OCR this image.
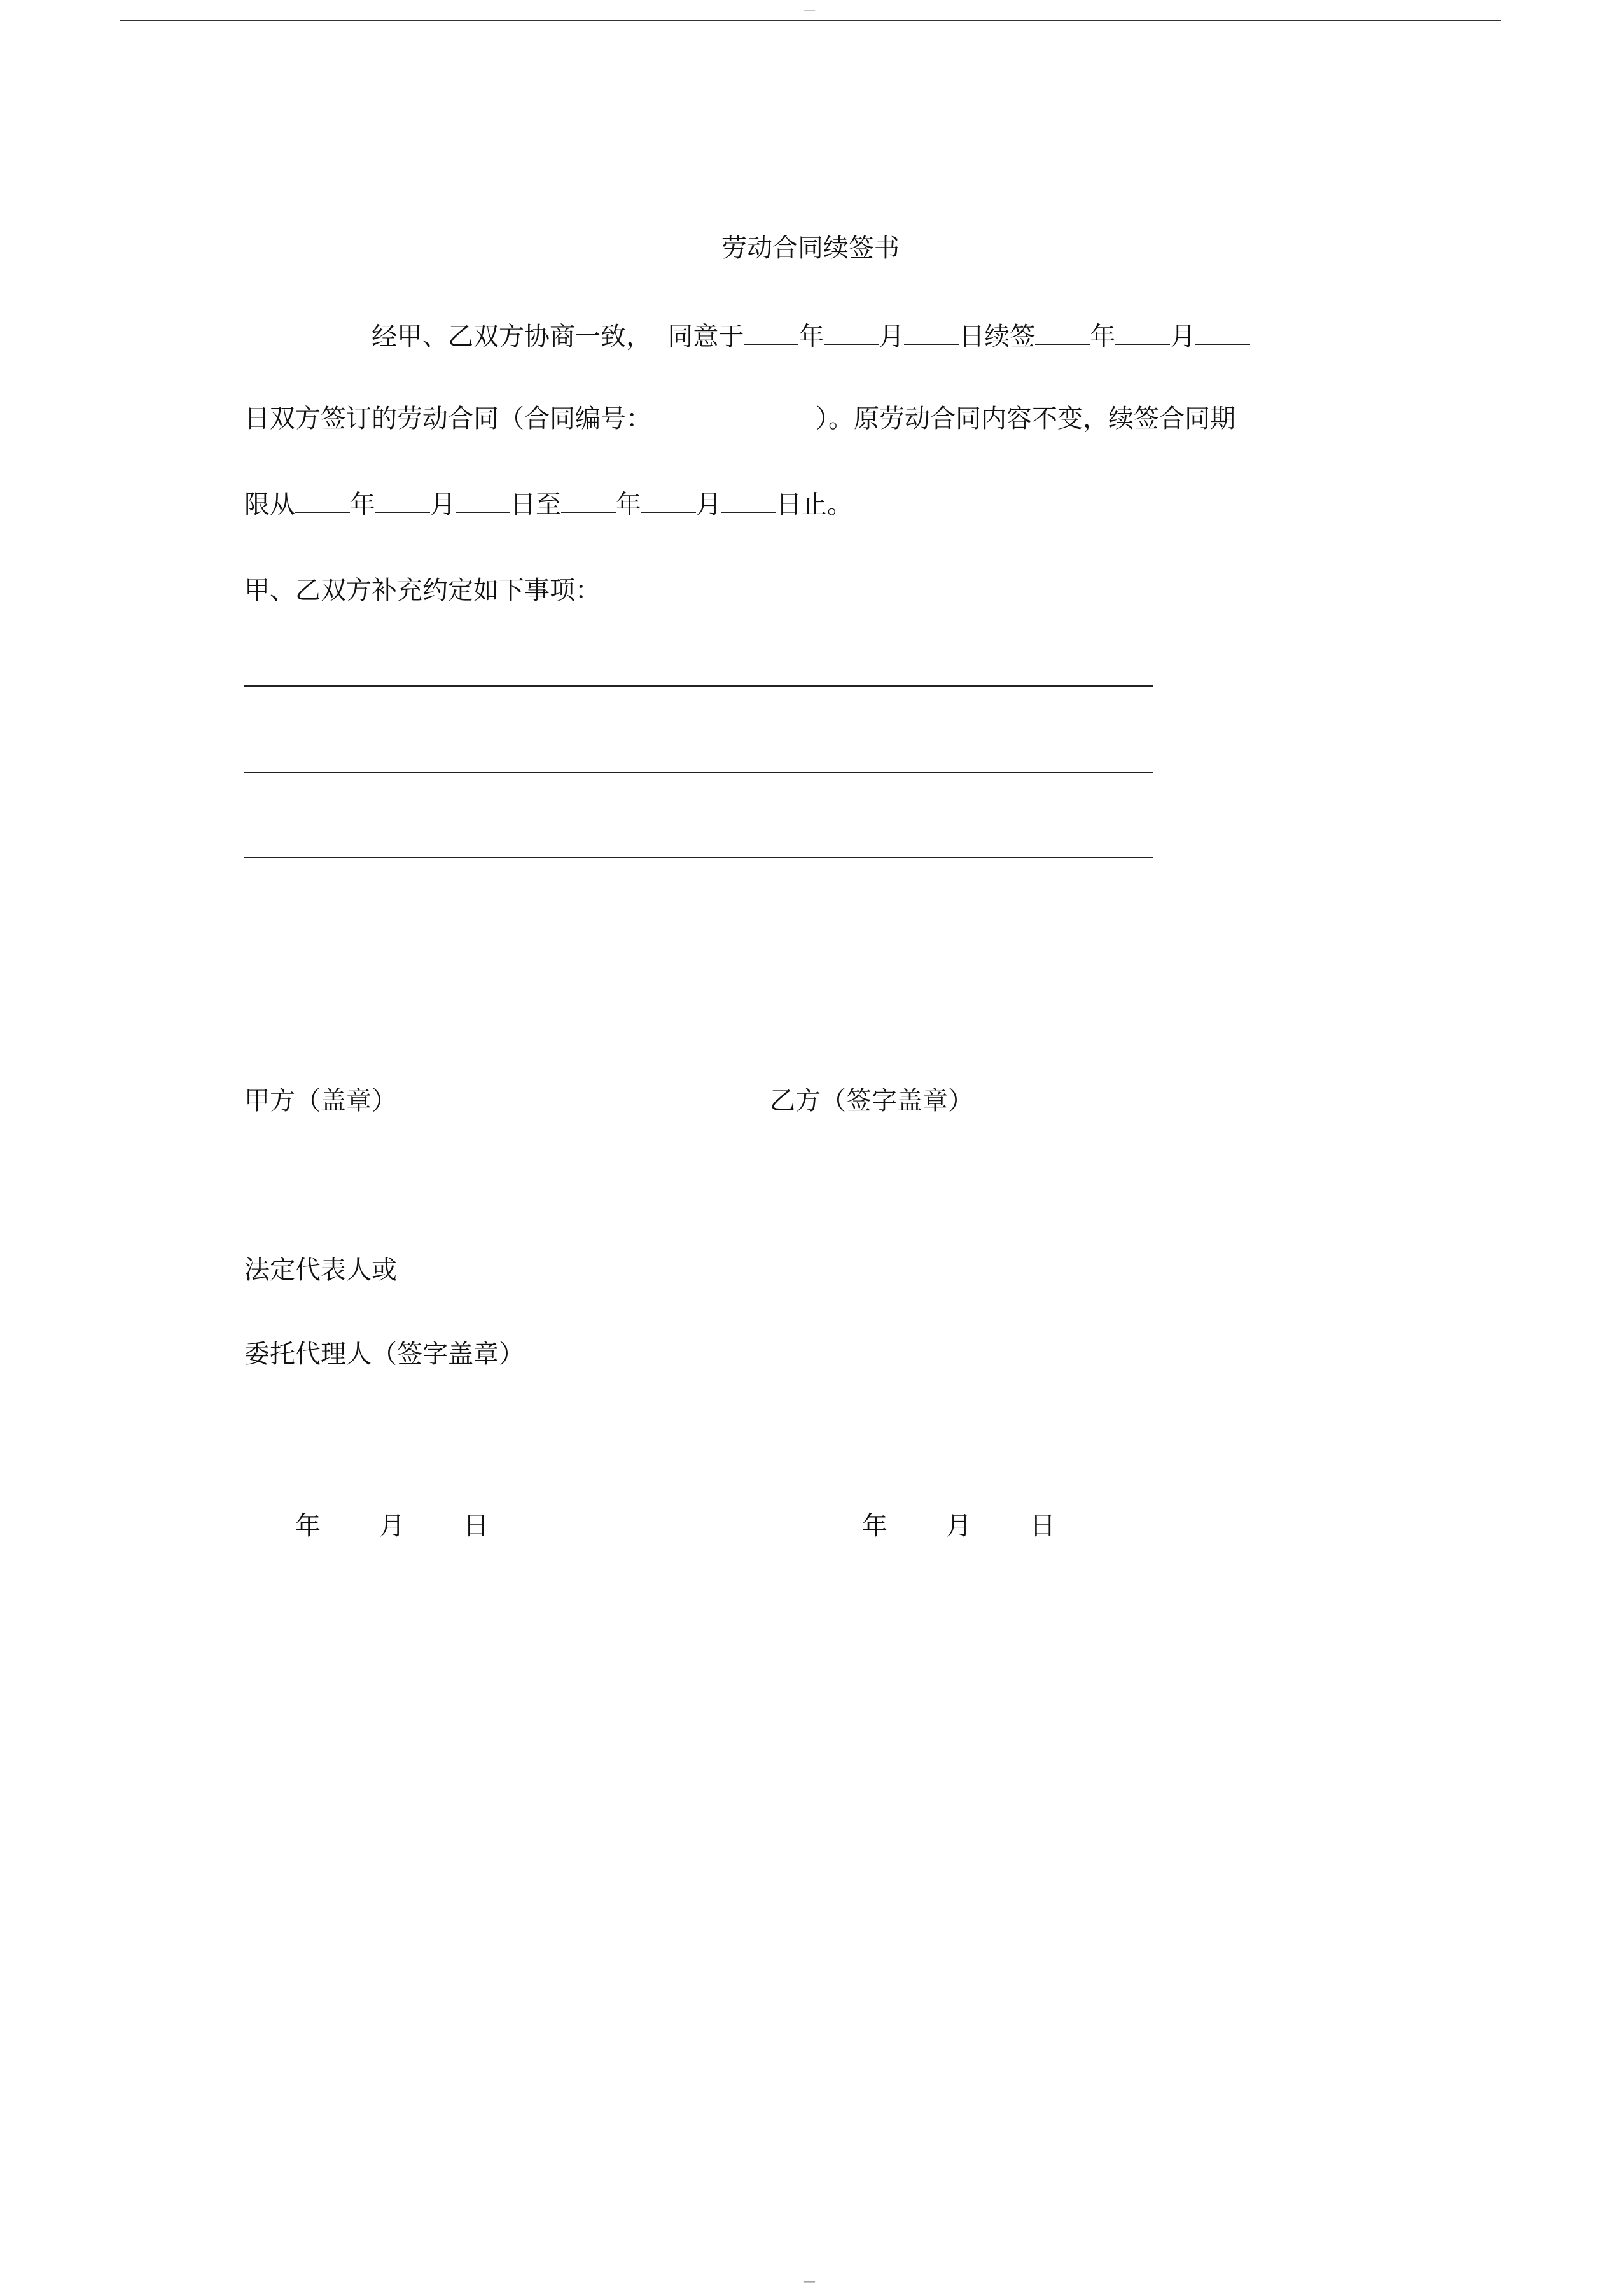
—
劳动合同续签书
经甲、乙双方协商一致，  同意于 年 月 日续签 年 月
日双方签订的劳动合同（合同编号：	）。原劳动合同内容不变，续签合同期
限从 年 月 日至 年 月 日止。
甲、乙双方补充约定如下事项：
甲方（盖章）	乙方（签字盖章）
法定代表人或
委托代理人（签字盖章）
年 月 日	年 月 日
—
